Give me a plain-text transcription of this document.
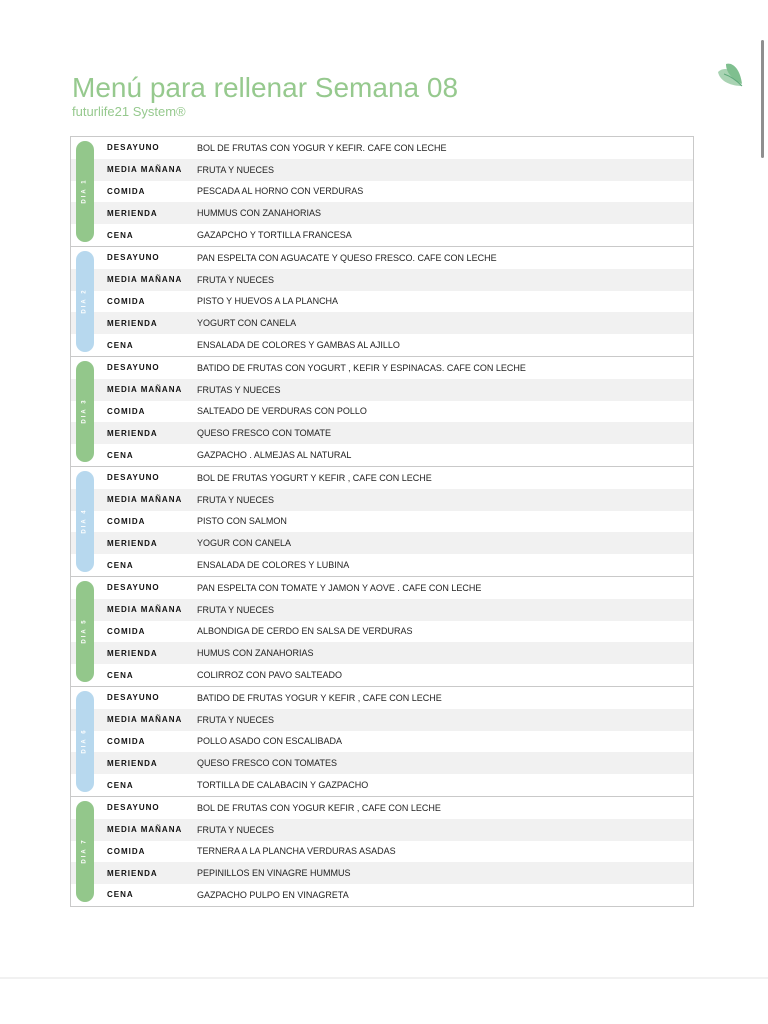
Menú para rellenar Semana 08
futurlife21 System®
DIA 1
DESAYUNO	BOL DE FRUTAS CON YOGUR Y KEFIR. CAFE CON LECHE
MEDIA MAÑANA	FRUTA Y NUECES
COMIDA	PESCADA AL HORNO CON VERDURAS
MERIENDA	HUMMUS CON ZANAHORIAS
CENA	GAZAPCHO Y TORTILLA FRANCESA
DIA 2
DESAYUNO	PAN ESPELTA CON AGUACATE Y QUESO FRESCO. CAFE CON LECHE
MEDIA MAÑANA	FRUTA Y NUECES
COMIDA	PISTO Y HUEVOS A LA PLANCHA
MERIENDA	YOGURT CON CANELA
CENA	ENSALADA DE COLORES Y GAMBAS AL AJILLO
DIA 3
DESAYUNO	BATIDO DE FRUTAS CON YOGURT , KEFIR Y ESPINACAS. CAFE CON LECHE
MEDIA MAÑANA	FRUTAS Y NUECES
COMIDA	SALTEADO DE VERDURAS CON POLLO
MERIENDA	QUESO FRESCO CON TOMATE
CENA	GAZPACHO . ALMEJAS AL NATURAL
DIA 4
DESAYUNO	BOL DE FRUTAS YOGURT Y KEFIR , CAFE CON LECHE
MEDIA MAÑANA	FRUTA Y NUECES
COMIDA	PISTO CON SALMON
MERIENDA	YOGUR CON CANELA
CENA	ENSALADA DE COLORES Y LUBINA
DIA 5
DESAYUNO	PAN ESPELTA CON TOMATE Y JAMON Y AOVE . CAFE CON LECHE
MEDIA MAÑANA	FRUTA Y NUECES
COMIDA	ALBONDIGA DE CERDO EN SALSA DE VERDURAS
MERIENDA	HUMUS CON ZANAHORIAS
CENA	COLIRROZ CON PAVO SALTEADO
DIA 6
DESAYUNO	BATIDO DE FRUTAS YOGUR Y KEFIR , CAFE CON LECHE
MEDIA MAÑANA	FRUTA Y NUECES
COMIDA	POLLO ASADO CON ESCALIBADA
MERIENDA	QUESO FRESCO CON TOMATES
CENA	TORTILLA DE CALABACIN Y GAZPACHO
DIA 7
DESAYUNO	BOL DE FRUTAS CON YOGUR KEFIR , CAFE CON LECHE
MEDIA MAÑANA	FRUTA Y NUECES
COMIDA	TERNERA A LA PLANCHA VERDURAS ASADAS
MERIENDA	PEPINILLOS EN VINAGRE HUMMUS
CENA	GAZPACHO PULPO EN VINAGRETA
